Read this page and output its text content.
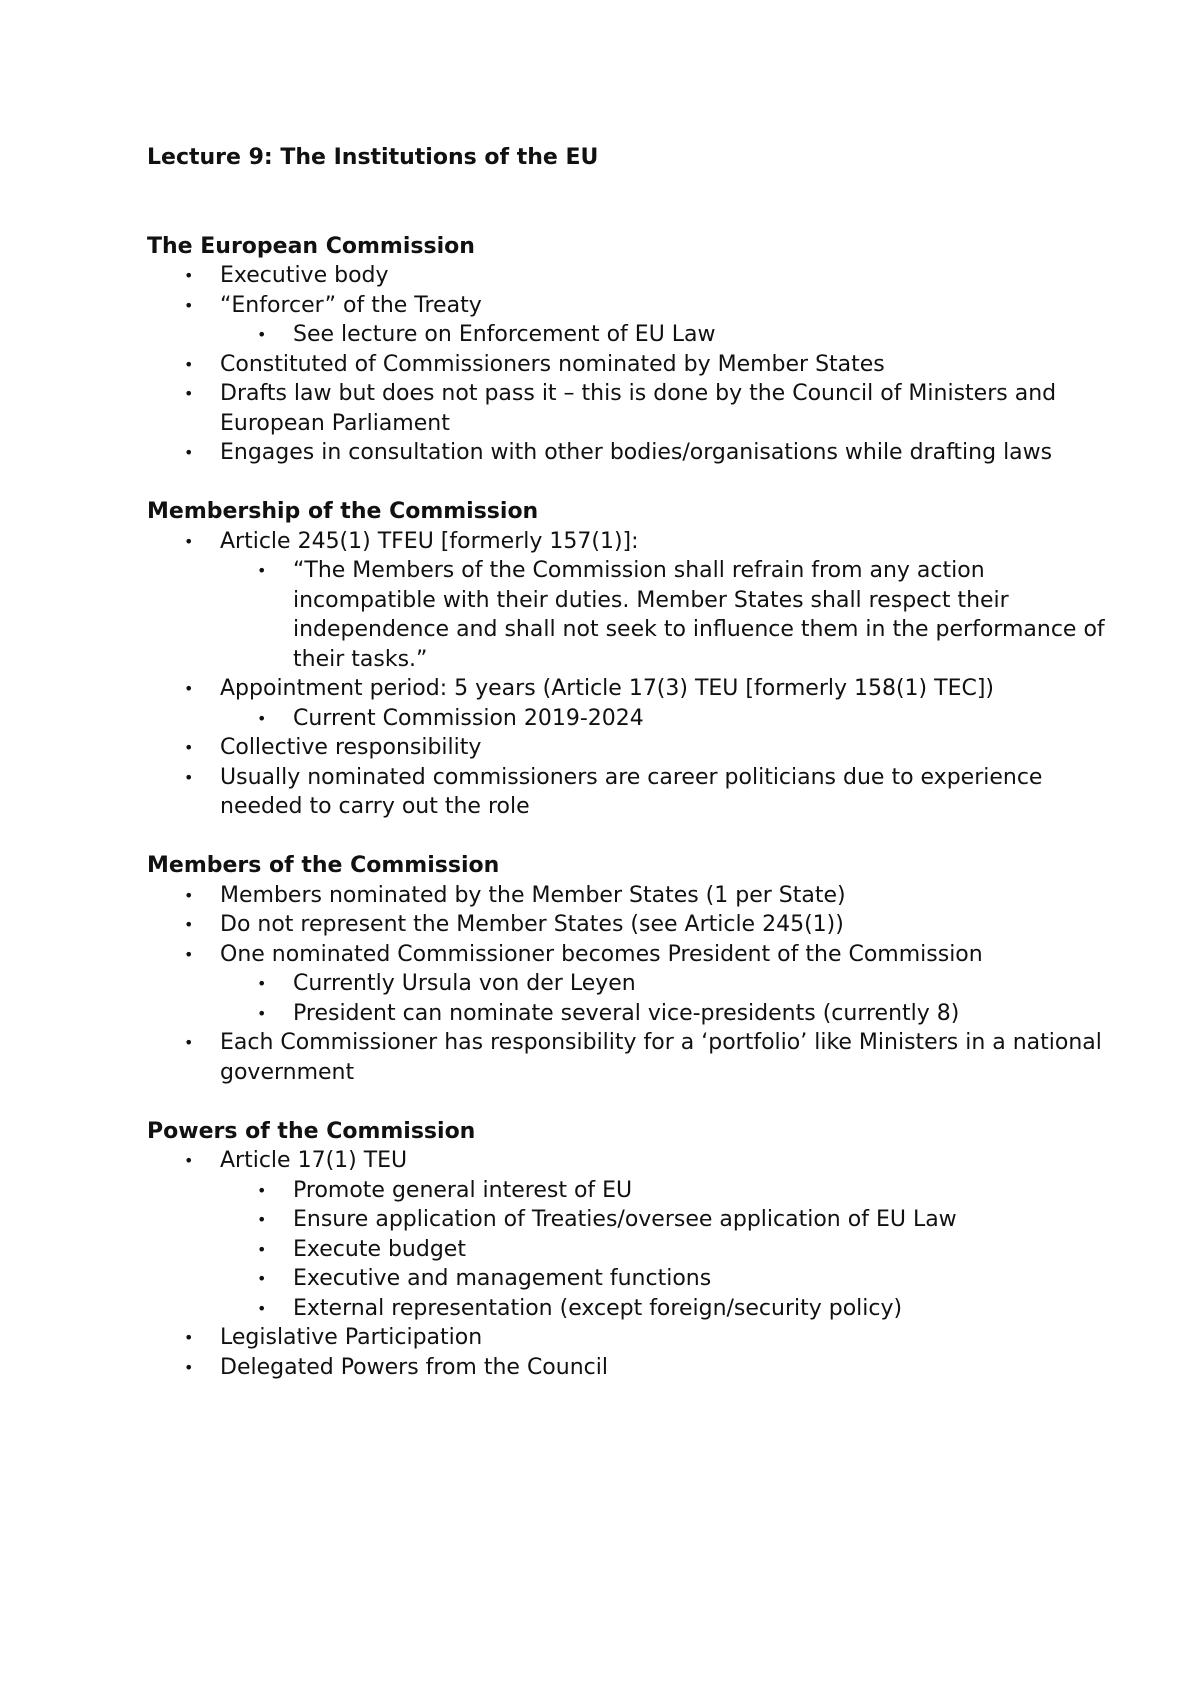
Lecture 9: The Institutions of the EU

The European Commission

• Executive body
• “Enforcer” of the Treaty
• See lecture on Enforcement of EU Law
• Constituted of Commissioners nominated by Member States
• Drafts law but does not pass it – this is done by the Council of Ministers and European Parliament
• Engages in consultation with other bodies/organisations while drafting laws

Membership of the Commission

• Article 245(1) TFEU [formerly 157(1)]:
• “The Members of the Commission shall refrain from any action incompatible with their duties. Member States shall respect their independence and shall not seek to influence them in the performance of their tasks.”
• Appointment period: 5 years (Article 17(3) TEU [formerly 158(1) TEC])
• Current Commission 2019-2024
• Collective responsibility
• Usually nominated commissioners are career politicians due to experience needed to carry out the role

Members of the Commission

• Members nominated by the Member States (1 per State)
• Do not represent the Member States (see Article 245(1))
• One nominated Commissioner becomes President of the Commission
• Currently Ursula von der Leyen
• President can nominate several vice-presidents (currently 8)
• Each Commissioner has responsibility for a ‘portfolio’ like Ministers in a national government

Powers of the Commission

• Article 17(1) TEU
• Promote general interest of EU
• Ensure application of Treaties/oversee application of EU Law
• Execute budget
• Executive and management functions
• External representation (except foreign/security policy)
• Legislative Participation
• Delegated Powers from the Council
